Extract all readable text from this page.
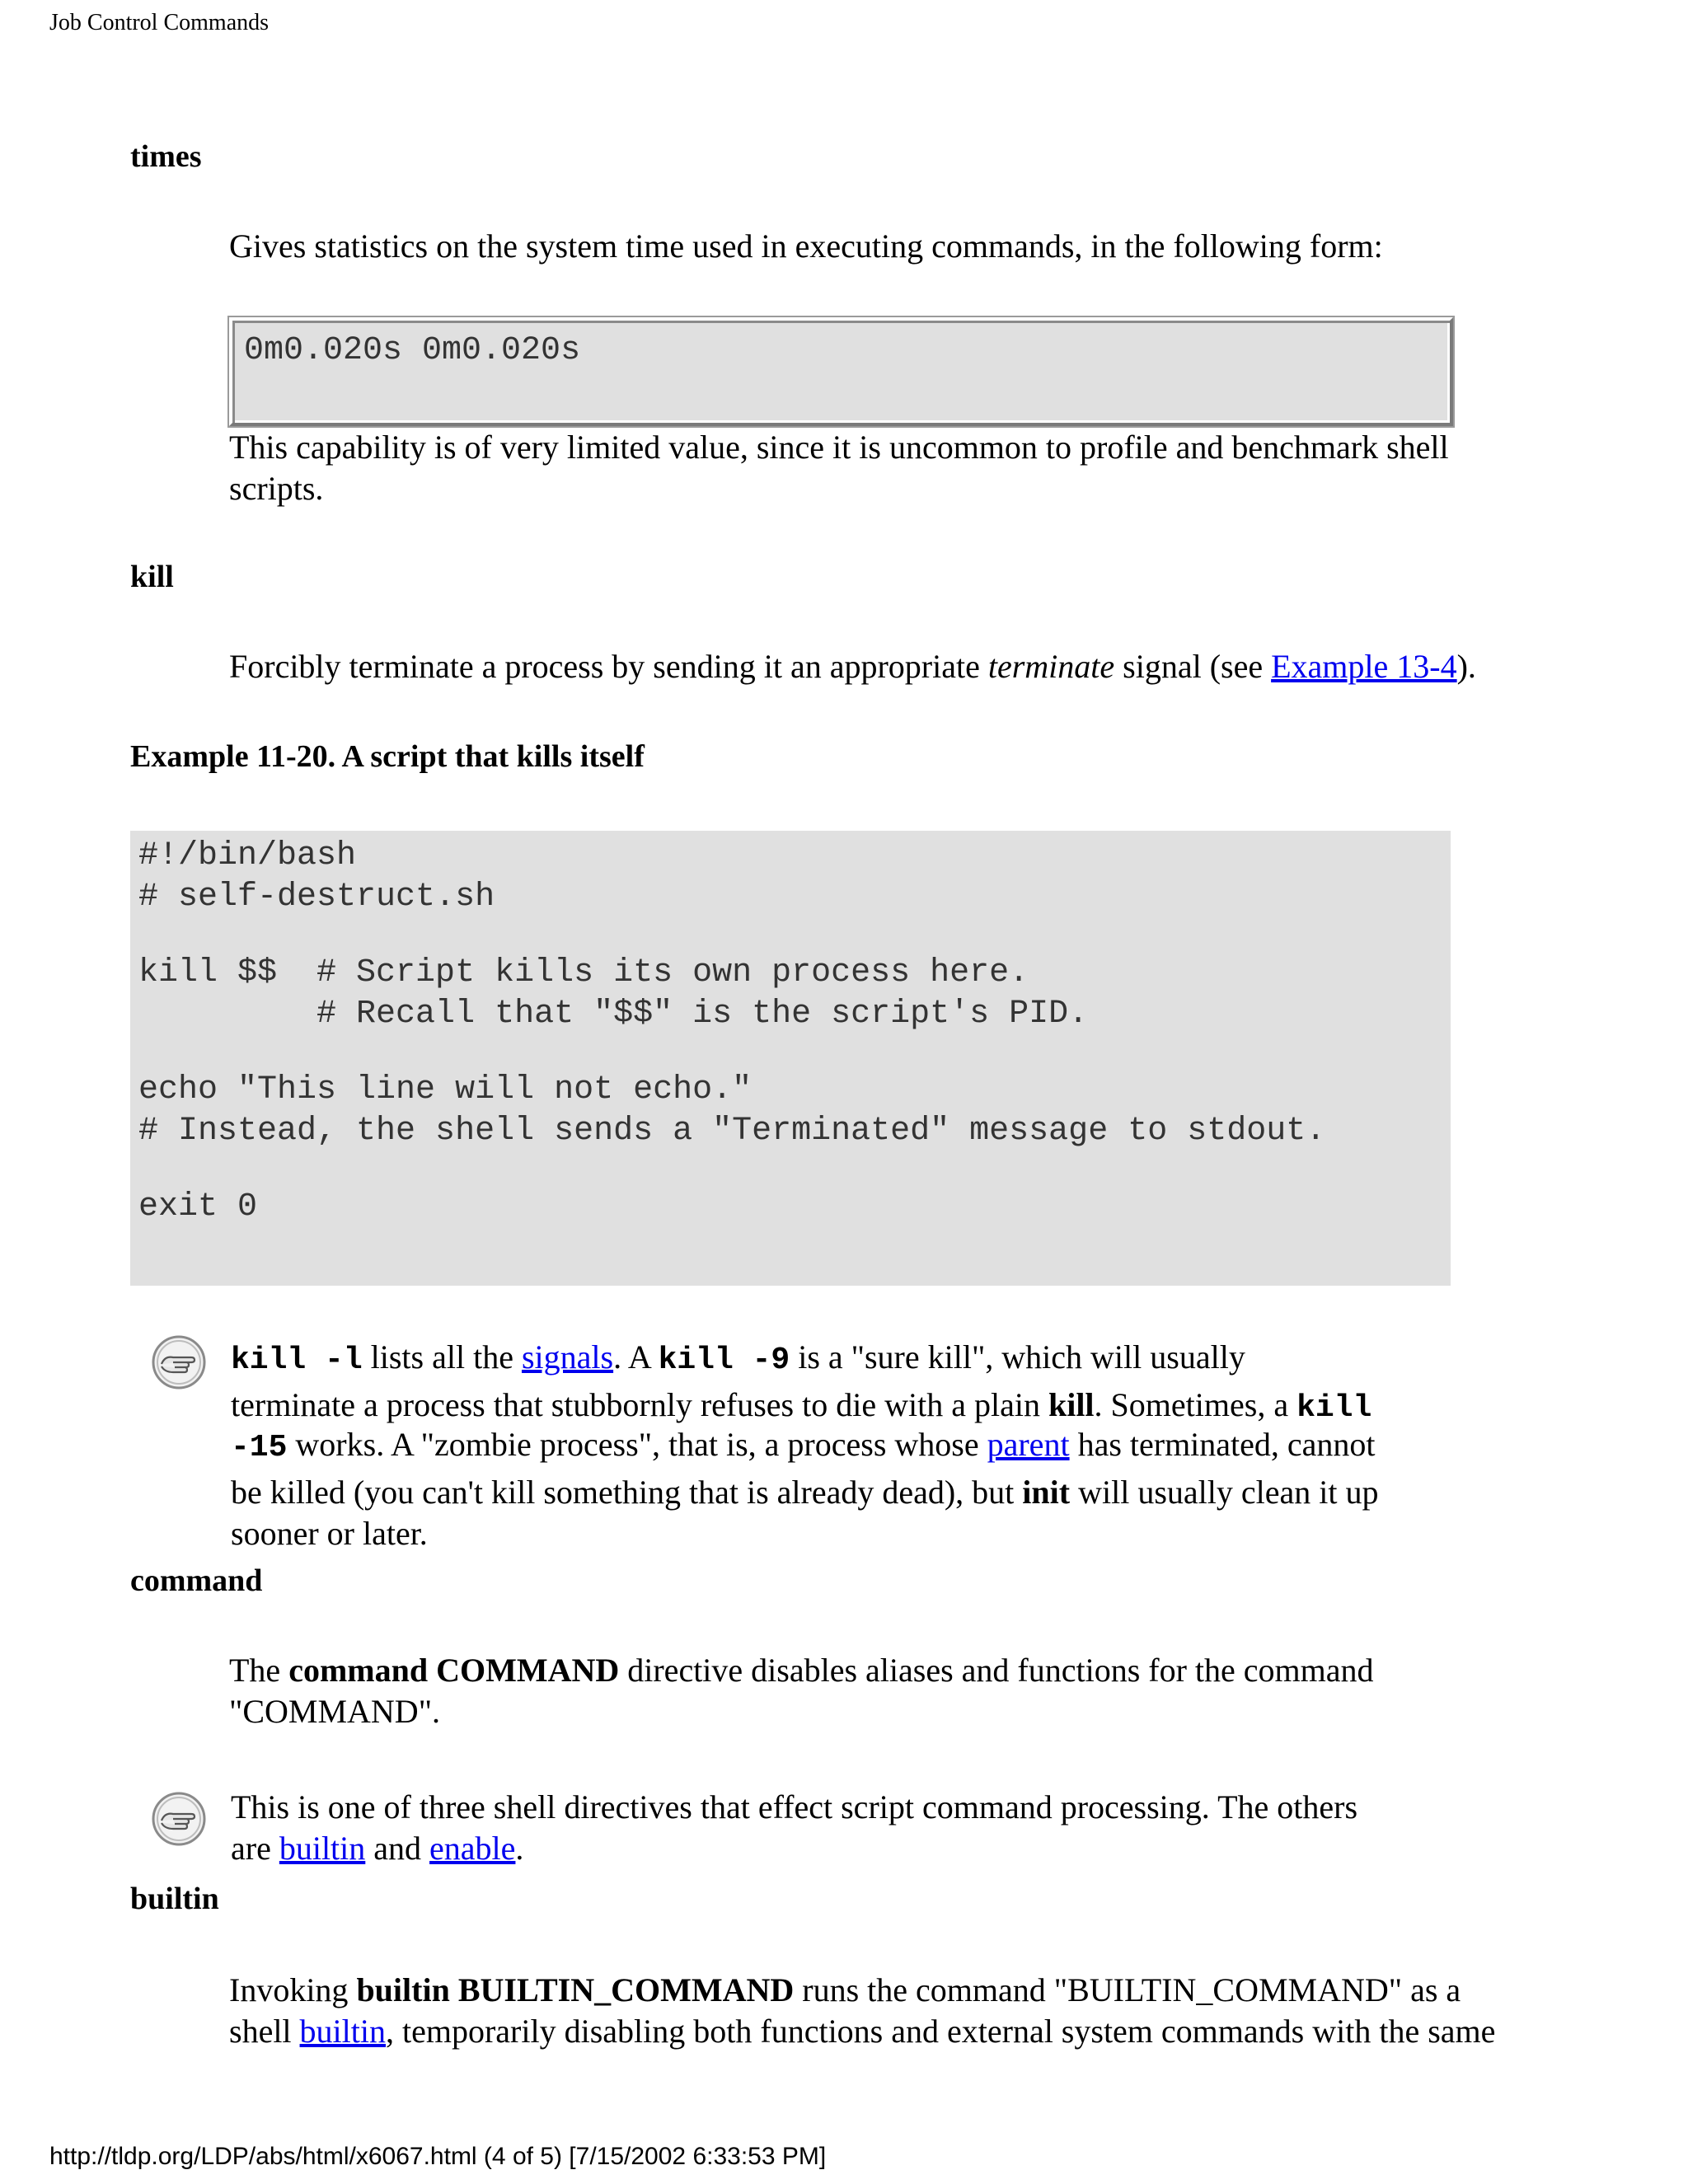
Job Control Commands
times
Gives statistics on the system time used in executing commands, in the following form:
0m0.020s 0m0.020s
This capability is of very limited value, since it is uncommon to profile and benchmark shell
scripts.
kill
Forcibly terminate a process by sending it an appropriate terminate signal (see Example 13-4).
Example 11-20. A script that kills itself
#!/bin/bash
# self-destruct.sh
kill $$  # Script kills its own process here.
# Recall that "$$" is the script's PID.
echo "This line will not echo."
# Instead, the shell sends a "Terminated" message to stdout.
exit 0
kill -l lists all the signals. A kill -9 is a "sure kill", which will usually
terminate a process that stubbornly refuses to die with a plain kill. Sometimes, a kill
-15 works. A "zombie process", that is, a process whose parent has terminated, cannot
be killed (you can't kill something that is already dead), but init will usually clean it up
sooner or later.
command
The command COMMAND directive disables aliases and functions for the command
"COMMAND".
This is one of three shell directives that effect script command processing. The others
are builtin and enable.
builtin
Invoking builtin BUILTIN_COMMAND runs the command "BUILTIN_COMMAND" as a
shell builtin, temporarily disabling both functions and external system commands with the same
http://tldp.org/LDP/abs/html/x6067.html (4 of 5) [7/15/2002 6:33:53 PM]
